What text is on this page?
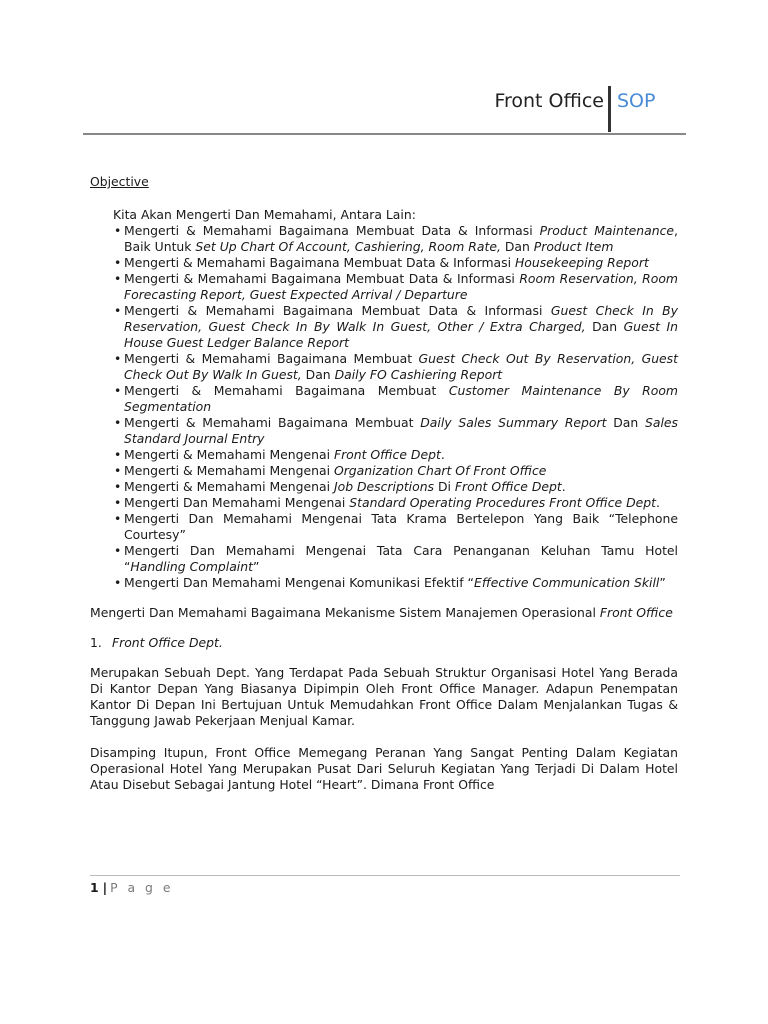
Front Office SOP
Objective
Kita Akan Mengerti Dan Memahami, Antara Lain:
• Mengerti & Memahami Bagaimana Membuat Data & Informasi Product Maintenance, Baik Untuk Set Up Chart Of Account, Cashiering, Room Rate, Dan Product Item
• Mengerti & Memahami Bagaimana Membuat Data & Informasi Housekeeping Report
• Mengerti & Memahami Bagaimana Membuat Data & Informasi Room Reservation, Room Forecasting Report, Guest Expected Arrival / Departure
• Mengerti & Memahami Bagaimana Membuat Data & Informasi Guest Check In By Reservation, Guest Check In By Walk In Guest, Other / Extra Charged, Dan Guest In House Guest Ledger Balance Report
• Mengerti & Memahami Bagaimana Membuat Guest Check Out By Reservation, Guest Check Out By Walk In Guest, Dan Daily FO Cashiering Report
• Mengerti & Memahami Bagaimana Membuat Customer Maintenance By Room Segmentation
• Mengerti & Memahami Bagaimana Membuat Daily Sales Summary Report Dan Sales Standard Journal Entry
• Mengerti & Memahami Mengenai Front Office Dept.
• Mengerti & Memahami Mengenai Organization Chart Of Front Office
• Mengerti & Memahami Mengenai Job Descriptions Di Front Office Dept.
• Mengerti Dan Memahami Mengenai Standard Operating Procedures Front Office Dept.
• Mengerti Dan Memahami Mengenai Tata Krama Bertelepon Yang Baik “Telephone Courtesy”
• Mengerti Dan Memahami Mengenai Tata Cara Penanganan Keluhan Tamu Hotel “Handling Complaint”
• Mengerti Dan Memahami Mengenai Komunikasi Efektif “Effective Communication Skill”
Mengerti Dan Memahami Bagaimana Mekanisme Sistem Manajemen Operasional Front Office
1. Front Office Dept.

Merupakan Sebuah Dept. Yang Terdapat Pada Sebuah Struktur Organisasi Hotel Yang Berada Di Kantor Depan Yang Biasanya Dipimpin Oleh Front Office Manager. Adapun Penempatan Kantor Di Depan Ini Bertujuan Untuk Memudahkan Front Office Dalam Menjalankan Tugas & Tanggung Jawab Pekerjaan Menjual Kamar.

Disamping Itupun, Front Office Memegang Peranan Yang Sangat Penting Dalam Kegiatan Operasional Hotel Yang Merupakan Pusat Dari Seluruh Kegiatan Yang Terjadi Di Dalam Hotel Atau Disebut Sebagai Jantung Hotel “Heart”. Dimana Front Office

1 | P a g e
